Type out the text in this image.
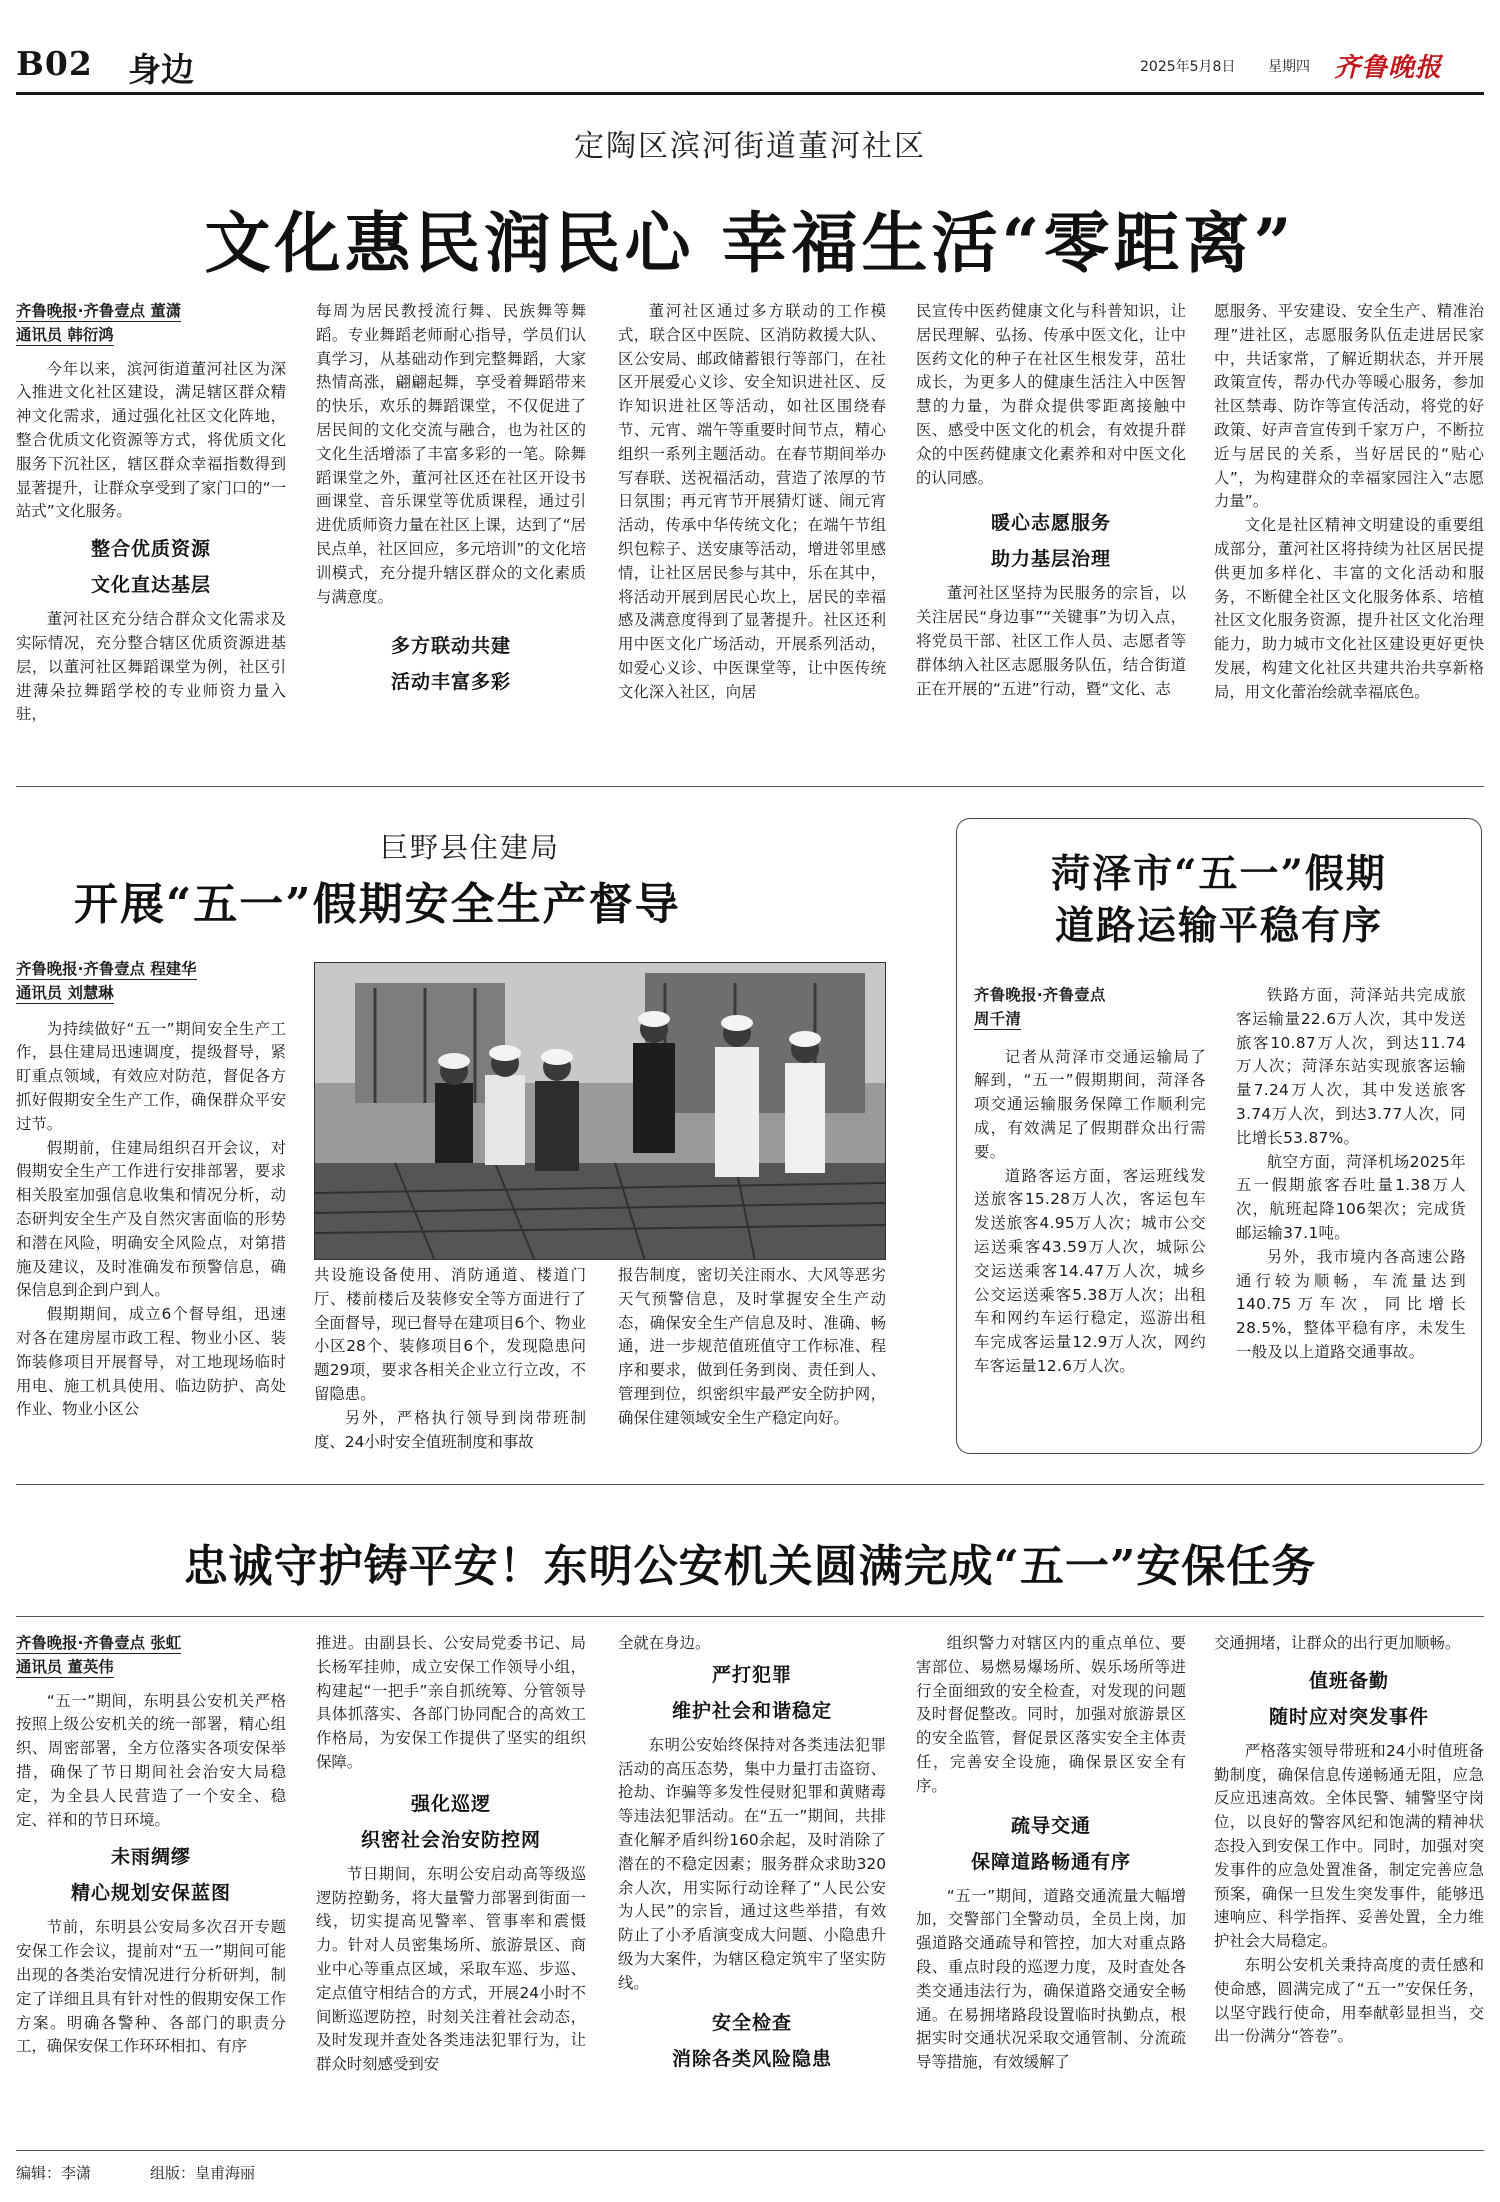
B02 身边	2025年5月8日 星期四 齐鲁晚报
定陶区滨河街道董河社区
文化惠民润民心 幸福生活“零距离”

齐鲁晚报·齐鲁壹点 董潇

通讯员 韩衍鸿

今年以来，滨河街道董河社区为深入推进文化社区建设，满足辖区群众精神文化需求，通过强化社区文化阵地，整合优质文化资源等方式，将优质文化服务下沉社区，辖区群众幸福指数得到显著提升，让群众享受到了家门口的“一站式”文化服务。

整合优质资源

文化直达基层

董河社区充分结合群众文化需求及实际情况，充分整合辖区优质资源进基层，以董河社区舞蹈课堂为例，社区引进薄朵拉舞蹈学校的专业师资力量入驻，

每周为居民教授流行舞、民族舞等舞蹈。专业舞蹈老师耐心指导，学员们认真学习，从基础动作到完整舞蹈，大家热情高涨，翩翩起舞，享受着舞蹈带来的快乐，欢乐的舞蹈课堂，不仅促进了居民间的文化交流与融合，也为社区的文化生活增添了丰富多彩的一笔。除舞蹈课堂之外，董河社区还在社区开设书画课堂、音乐课堂等优质课程，通过引进优质师资力量在社区上课，达到了“居民点单，社区回应，多元培训”的文化培训模式，充分提升辖区群众的文化素质与满意度。

多方联动共建

活动丰富多彩

董河社区通过多方联动的工作模式，联合区中医院、区消防救援大队、区公安局、邮政储蓄银行等部门，在社区开展爱心义诊、安全知识进社区、反诈知识进社区等活动，如社区围绕春节、元宵、端午等重要时间节点，精心组织一系列主题活动。在春节期间举办写春联、送祝福活动，营造了浓厚的节日氛围；再元宵节开展猜灯谜、闹元宵活动，传承中华传统文化；在端午节组织包粽子、送安康等活动，增进邻里感情，让社区居民参与其中，乐在其中，将活动开展到居民心坎上，居民的幸福感及满意度得到了显著提升。社区还利用中医文化广场活动，开展系列活动，如爱心义诊、中医课堂等，让中医传统文化深入社区，向居

民宣传中医药健康文化与科普知识，让居民理解、弘扬、传承中医文化，让中医药文化的种子在社区生根发芽，茁壮成长，为更多人的健康生活注入中医智慧的力量，为群众提供零距离接触中医、感受中医文化的机会，有效提升群众的中医药健康文化素养和对中医文化的认同感。

暖心志愿服务

助力基层治理

董河社区坚持为民服务的宗旨，以关注居民“身边事”“关键事”为切入点，将党员干部、社区工作人员、志愿者等群体纳入社区志愿服务队伍，结合街道正在开展的“五进”行动，暨“文化、志

愿服务、平安建设、安全生产、精准治理”进社区，志愿服务队伍走进居民家中，共话家常，了解近期状态，并开展政策宣传，帮办代办等暖心服务，参加社区禁毒、防诈等宣传活动，将党的好政策、好声音宣传到千家万户，不断拉近与居民的关系，当好居民的“贴心人”，为构建群众的幸福家园注入“志愿力量”。

文化是社区精神文明建设的重要组成部分，董河社区将持续为社区居民提供更加多样化、丰富的文化活动和服务，不断健全社区文化服务体系、培植社区文化服务资源，提升社区文化治理能力，助力城市文化社区建设更好更快发展，构建文化社区共建共治共享新格局，用文化蕾治绘就幸福底色。

巨野县住建局
开展“五一”假期安全生产督导

齐鲁晚报·齐鲁壹点 程建华

通讯员 刘慧琳

为持续做好“五一”期间安全生产工作，县住建局迅速调度，提级督导，紧盯重点领域，有效应对防范，督促各方抓好假期安全生产工作，确保群众平安过节。

假期前，住建局组织召开会议，对假期安全生产工作进行安排部署，要求相关股室加强信息收集和情况分析，动态研判安全生产及自然灾害面临的形势和潜在风险，明确安全风险点，对第措施及建议，及时准确发布预警信息，确保信息到企到户到人。

假期期间，成立6个督导组，迅速对各在建房屋市政工程、物业小区、装饰装修项目开展督导，对工地现场临时用电、施工机具使用、临边防护、高处作业、物业小区公

共设施设备使用、消防通道、楼道门厅、楼前楼后及装修安全等方面进行了全面督导，现已督导在建项目6个、物业小区28个、装修项目6个，发现隐患问题29项，要求各相关企业立行立改，不留隐患。

另外，严格执行领导到岗带班制度、24小时安全值班制度和事故

报告制度，密切关注雨水、大风等恶劣天气预警信息，及时掌握安全生产动态，确保安全生产信息及时、准确、畅通，进一步规范值班值守工作标准、程序和要求，做到任务到岗、责任到人、管理到位，织密织牢最严安全防护网，确保住建领域安全生产稳定向好。

菏泽市“五一”假期
道路运输平稳有序

齐鲁晚报·齐鲁壹点

周千清

记者从菏泽市交通运输局了解到，“五一”假期期间，菏泽各项交通运输服务保障工作顺利完成，有效满足了假期群众出行需要。

道路客运方面，客运班线发送旅客15.28万人次，客运包车发送旅客4.95万人次；城市公交运送乘客43.59万人次，城际公交运送乘客14.47万人次，城乡公交运送乘客5.38万人次；出租车和网约车运行稳定，巡游出租车完成客运量12.9万人次，网约车客运量12.6万人次。

铁路方面，菏泽站共完成旅客运输量22.6万人次，其中发送旅客10.87万人次，到达11.74万人次；菏泽东站实现旅客运输量7.24万人次，其中发送旅客3.74万人次，到达3.77人次，同比增长53.87%。

航空方面，菏泽机场2025年五一假期旅客吞吐量1.38万人次，航班起降106架次；完成货邮运输37.1吨。

另外，我市境内各高速公路通行较为顺畅，车流量达到140.75万车次，同比增长28.5%，整体平稳有序，未发生一般及以上道路交通事故。

忠诚守护铸平安！东明公安机关圆满完成“五一”安保任务

齐鲁晚报·齐鲁壹点 张虹

通讯员 董英伟

“五一”期间，东明县公安机关严格按照上级公安机关的统一部署，精心组织、周密部署，全方位落实各项安保举措，确保了节日期间社会治安大局稳定，为全县人民营造了一个安全、稳定、祥和的节日环境。

未雨绸缪

精心规划安保蓝图

节前，东明县公安局多次召开专题安保工作会议，提前对“五一”期间可能出现的各类治安情况进行分析研判，制定了详细且具有针对性的假期安保工作方案。明确各警种、各部门的职责分工，确保安保工作环环相扣、有序

推进。由副县长、公安局党委书记、局长杨军挂帅，成立安保工作领导小组，构建起“一把手”亲自抓统筹、分管领导具体抓落实、各部门协同配合的高效工作格局，为安保工作提供了坚实的组织保障。

强化巡逻

织密社会治安防控网

节日期间，东明公安启动高等级巡逻防控勤务，将大量警力部署到街面一线，切实提高见警率、管事率和震慑力。针对人员密集场所、旅游景区、商业中心等重点区域，采取车巡、步巡、定点值守相结合的方式，开展24小时不间断巡逻防控，时刻关注着社会动态，及时发现并查处各类违法犯罪行为，让群众时刻感受到安

全就在身边。

严打犯罪

维护社会和谐稳定

东明公安始终保持对各类违法犯罪活动的高压态势，集中力量打击盗窃、抢劫、诈骗等多发性侵财犯罪和黄赌毒等违法犯罪活动。在“五一”期间，共排查化解矛盾纠纷160余起，及时消除了潜在的不稳定因素；服务群众求助320余人次，用实际行动诠释了“人民公安为人民”的宗旨，通过这些举措，有效防止了小矛盾演变成大问题、小隐患升级为大案件，为辖区稳定筑牢了坚实防线。

安全检查

消除各类风险隐患

组织警力对辖区内的重点单位、要害部位、易燃易爆场所、娱乐场所等进行全面细致的安全检查，对发现的问题及时督促整改。同时，加强对旅游景区的安全监管，督促景区落实安全主体责任，完善安全设施，确保景区安全有序。

疏导交通

保障道路畅通有序

“五一”期间，道路交通流量大幅增加，交警部门全警动员，全员上岗，加强道路交通疏导和管控，加大对重点路段、重点时段的巡逻力度，及时查处各类交通违法行为，确保道路交通安全畅通。在易拥堵路段设置临时执勤点，根据实时交通状况采取交通管制、分流疏导等措施，有效缓解了

交通拥堵，让群众的出行更加顺畅。

值班备勤

随时应对突发事件

严格落实领导带班和24小时值班备勤制度，确保信息传递畅通无阻，应急反应迅速高效。全体民警、辅警坚守岗位，以良好的警容风纪和饱满的精神状态投入到安保工作中。同时，加强对突发事件的应急处置准备，制定完善应急预案，确保一旦发生突发事件，能够迅速响应、科学指挥、妥善处置，全力维护社会大局稳定。

东明公安机关秉持高度的责任感和使命感，圆满完成了“五一”安保任务，以坚守践行使命，用奉献彰显担当，交出一份满分“答卷”。

编辑：李潇	组版：皇甫海丽
